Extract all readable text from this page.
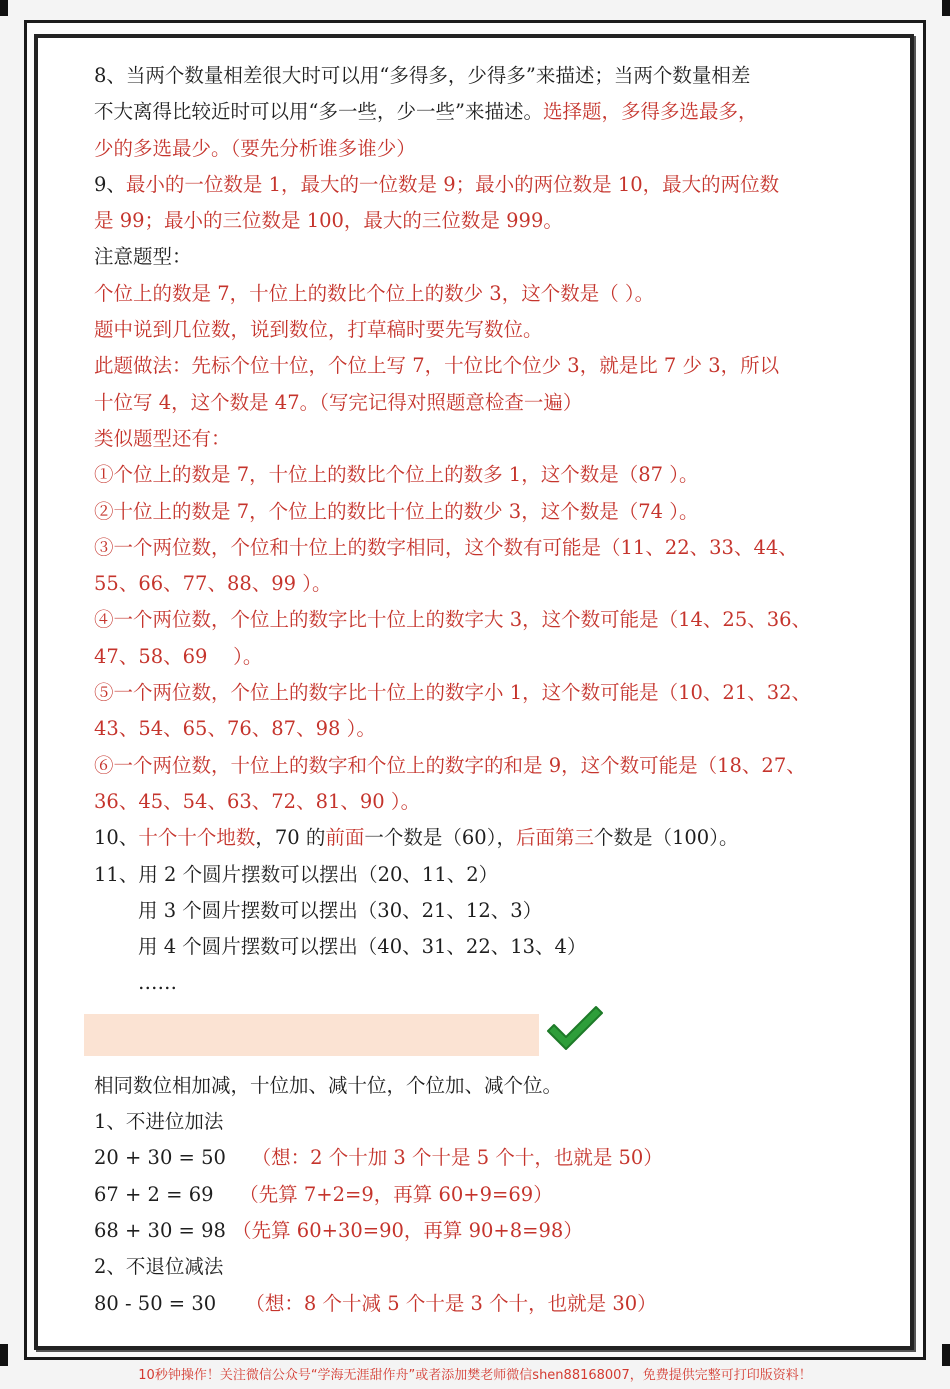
8、当两个数量相差很大时可以用“多得多，少得多”来描述；当两个数量相差
不大离得比较近时可以用“多一些，少一些”来描述。选择题，多得多选最多，
少的多选最少。（要先分析谁多谁少）
9、最小的一位数是 1，最大的一位数是 9；最小的两位数是 10，最大的两位数
是 99；最小的三位数是 100，最大的三位数是 999。
注意题型：
个位上的数是 7，十位上的数比个位上的数少 3，这个数是（ ）。
题中说到几位数，说到数位，打草稿时要先写数位。
此题做法：先标个位十位，个位上写 7，十位比个位少 3，就是比 7 少 3，所以
十位写 4，这个数是 47。（写完记得对照题意检查一遍）
类似题型还有：
①个位上的数是 7，十位上的数比个位上的数多 1，这个数是（87 ）。
②十位上的数是 7，个位上的数比十位上的数少 3，这个数是（74 ）。
③一个两位数，个位和十位上的数字相同，这个数有可能是（11、22、33、44、
55、66、77、88、99 ）。
④一个两位数，个位上的数字比十位上的数字大 3，这个数可能是（14、25、36、
47、58、69　 ）。
⑤一个两位数，个位上的数字比十位上的数字小 1，这个数可能是（10、21、32、
43、54、65、76、87、98 ）。
⑥一个两位数，十位上的数字和个位上的数字的和是 9，这个数可能是（18、27、
36、45、54、63、72、81、90 ）。
10、十个十个地数，70 的前面一个数是（60），后面第三个数是（100）。
11、用 2 个圆片摆数可以摆出（20、11、2）
用 3 个圆片摆数可以摆出（30、21、12、3）
用 4 个圆片摆数可以摆出（40、31、22、13、4）
……
相同数位相加减，十位加、减十位，个位加、减个位。
1、不进位加法
20 + 30 = 50　 （想：2 个十加 3 个十是 5 个十，也就是 50）
67 + 2 = 69　 （先算 7+2=9，再算 60+9=69）
68 + 30 = 98 （先算 60+30=90，再算 90+8=98）
2、不退位减法
80 - 50 = 30　　（想：8 个十减 5 个十是 3 个十，也就是 30）
10秒钟操作！关注微信公众号“学海无涯甜作舟”或者添加樊老师微信shen88168007，免费提供完整可打印版资料！
